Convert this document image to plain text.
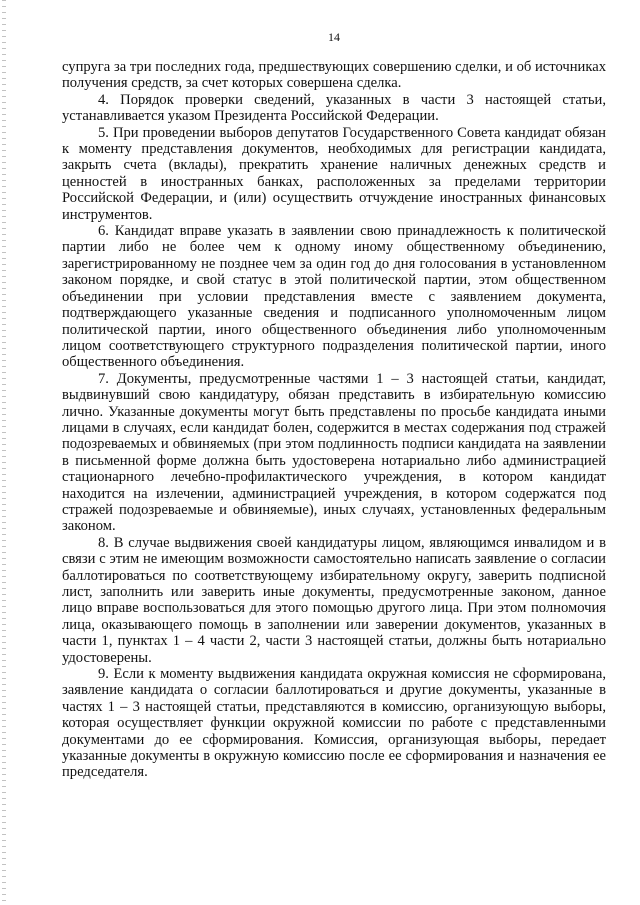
14

супруга за три последних года, предшествующих совершению сделки, и об источниках получения средств, за счет которых совершена сделка.

4. Порядок проверки сведений, указанных в части 3 настоящей статьи, устанавливается указом Президента Российской Федерации.

5. При проведении выборов депутатов Государственного Совета кандидат обязан к моменту представления документов, необходимых для регистрации кандидата, закрыть счета (вклады), прекратить хранение наличных денежных средств и ценностей в иностранных банках, расположенных за пределами территории Российской Федерации, и (или) осуществить отчуждение иностранных финансовых инструментов.

6. Кандидат вправе указать в заявлении свою принадлежность к политической партии либо не более чем к одному иному общественному объединению, зарегистрированному не позднее чем за один год до дня голосования в установленном законом порядке, и свой статус в этой политической партии, этом общественном объединении при условии представления вместе с заявлением документа, подтверждающего указанные сведения и подписанного уполномоченным лицом политической партии, иного общественного объединения либо уполномоченным лицом соответствующего структурного подразделения политической партии, иного общественного объединения.

7. Документы, предусмотренные частями 1 – 3 настоящей статьи, кандидат, выдвинувший свою кандидатуру, обязан представить в избирательную комиссию лично. Указанные документы могут быть представлены по просьбе кандидата иными лицами в случаях, если кандидат болен, содержится в местах содержания под стражей подозреваемых и обвиняемых (при этом подлинность подписи кандидата на заявлении в письменной форме должна быть удостоверена нотариально либо администрацией стационарного лечебно-профилактического учреждения, в котором кандидат находится на излечении, администрацией учреждения, в котором содержатся под стражей подозреваемые и обвиняемые), иных случаях, установленных федеральным законом.

8. В случае выдвижения своей кандидатуры лицом, являющимся инвалидом и в связи с этим не имеющим возможности самостоятельно написать заявление о согласии баллотироваться по соответствующему избирательному округу, заверить подписной лист, заполнить или заверить иные документы, предусмотренные законом, данное лицо вправе воспользоваться для этого помощью другого лица. При этом полномочия лица, оказывающего помощь в заполнении или заверении документов, указанных в части 1, пунктах 1 – 4 части 2, части 3 настоящей статьи, должны быть нотариально удостоверены.

9. Если к моменту выдвижения кандидата окружная комиссия не сформирована, заявление кандидата о согласии баллотироваться и другие документы, указанные в частях 1 – 3 настоящей статьи, представляются в комиссию, организующую выборы, которая осуществляет функции окружной комиссии по работе с представленными документами до ее сформирования. Комиссия, организующая выборы, передает указанные документы в окружную комиссию после ее сформирования и назначения ее председателя.
